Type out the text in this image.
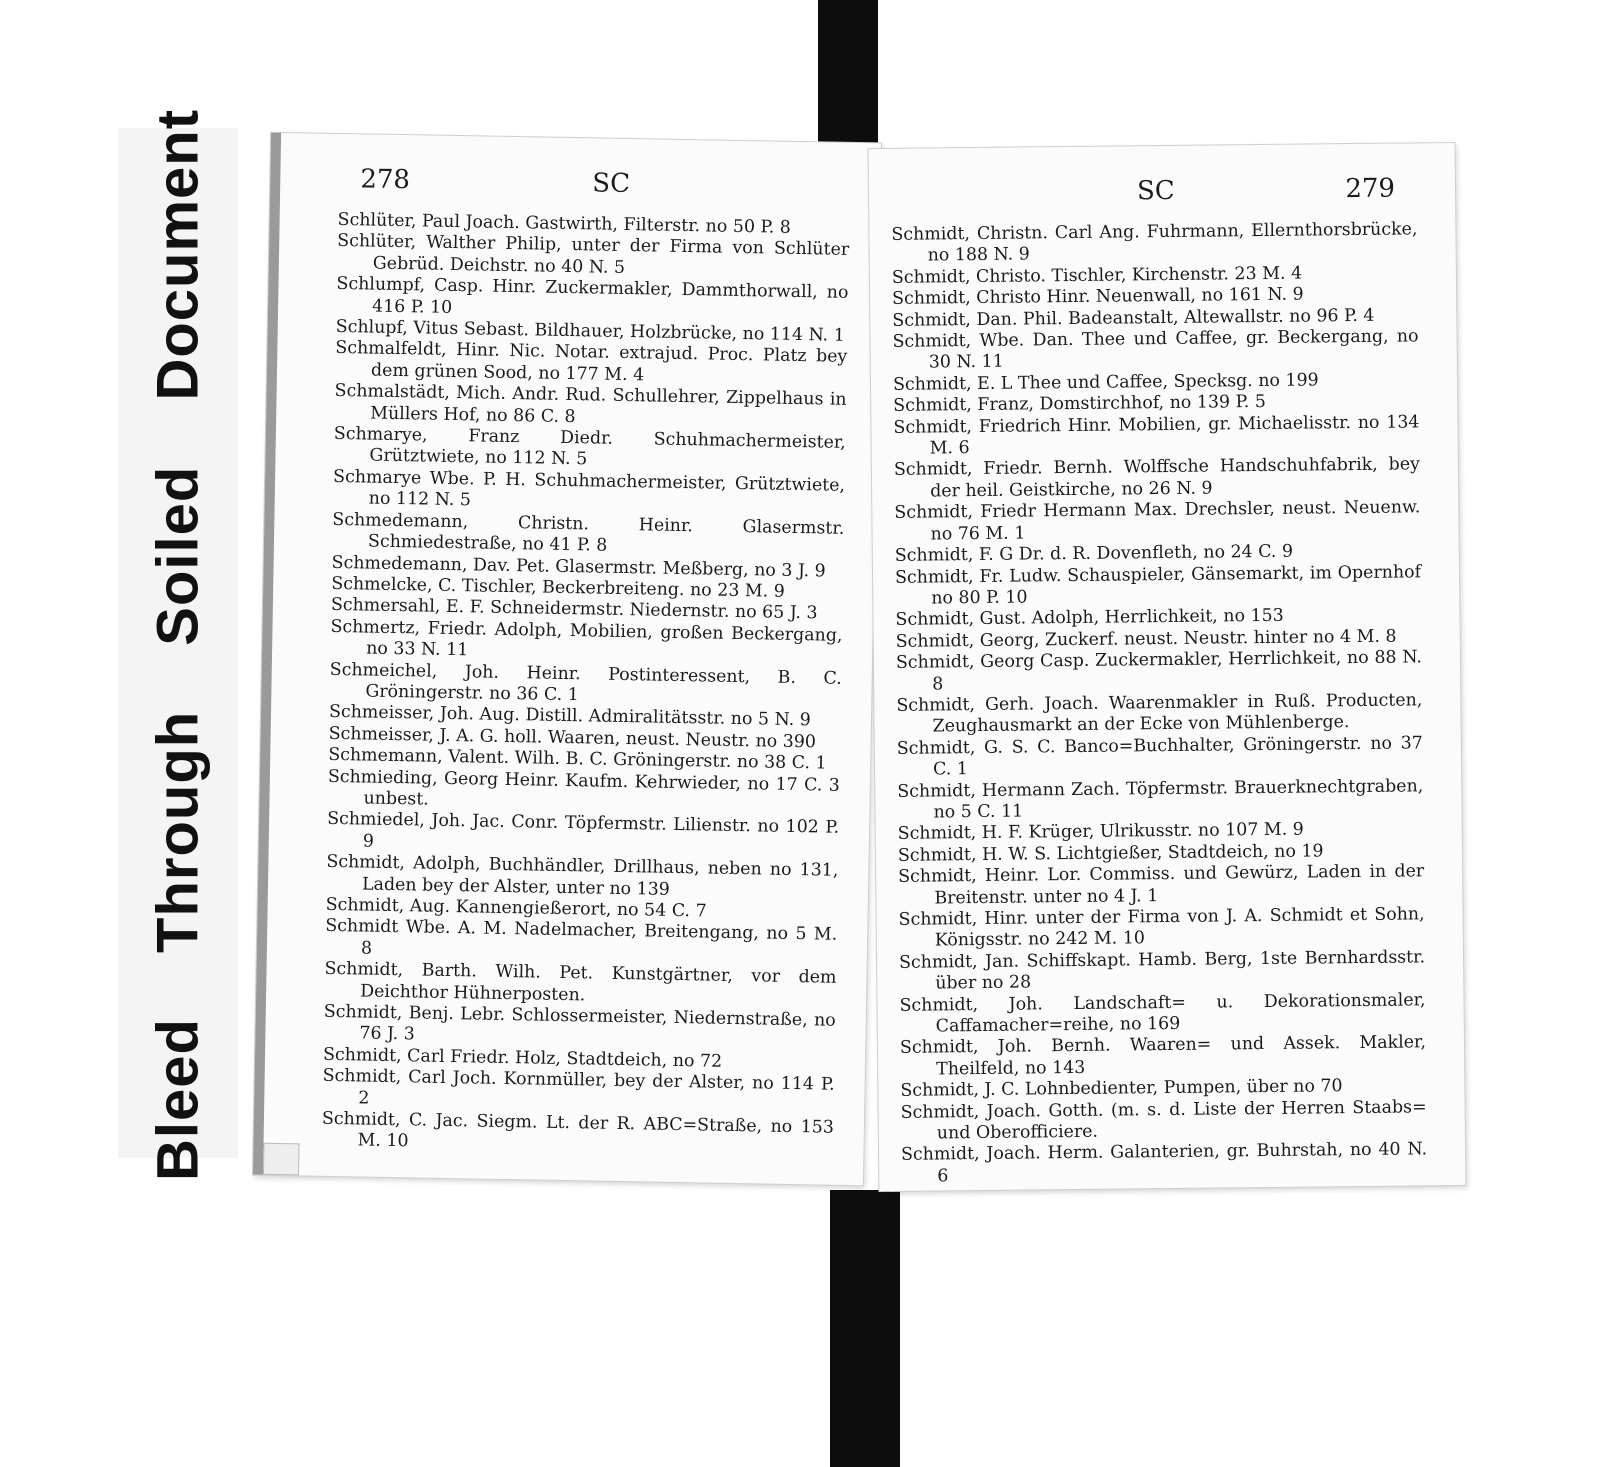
Bleed Through Soiled Document	278	SC
Schlüter, Paul Joach. Gastwirth, Filterstr. no 50 P. 8
Schlüter, Walther Philip, unter der Firma von Schlüter Gebrüd. Deichstr. no 40 N. 5
Schlumpf, Casp. Hinr. Zuckermakler, Dammthorwall, no 416 P. 10
Schlupf, Vitus Sebast. Bildhauer, Holzbrücke, no 114 N. 1
Schmalfeldt, Hinr. Nic. Notar. extrajud. Proc. Platz bey dem grünen Sood, no 177 M. 4
Schmalstädt, Mich. Andr. Rud. Schullehrer, Zippelhaus in Müllers Hof, no 86 C. 8
Schmarye, Franz Diedr. Schuhmachermeister, Grütztwiete, no 112 N. 5
Schmarye Wbe. P. H. Schuhmachermeister, Grütztwiete, no 112 N. 5
Schmedemann, Christn. Heinr. Glasermstr. Schmiedestraße, no 41 P. 8
Schmedemann, Dav. Pet. Glasermstr. Meßberg, no 3 J. 9
Schmelcke, C. Tischler, Beckerbreiteng. no 23 M. 9
Schmersahl, E. F. Schneidermstr. Niedernstr. no 65 J. 3
Schmertz, Friedr. Adolph, Mobilien, großen Beckergang, no 33 N. 11
Schmeichel, Joh. Heinr. Postinteressent, B. C. Gröningerstr. no 36 C. 1
Schmeisser, Joh. Aug. Distill. Admiralitätsstr. no 5 N. 9
Schmeisser, J. A. G. holl. Waaren, neust. Neustr. no 390
Schmemann, Valent. Wilh. B. C. Gröningerstr. no 38 C. 1
Schmieding, Georg Heinr. Kaufm. Kehrwieder, no 17 C. 3 unbest.
Schmiedel, Joh. Jac. Conr. Töpfermstr. Lilienstr. no 102 P. 9
Schmidt, Adolph, Buchhändler, Drillhaus, neben no 131, Laden bey der Alster, unter no 139
Schmidt, Aug. Kannengießerort, no 54 C. 7
Schmidt Wbe. A. M. Nadelmacher, Breitengang, no 5 M. 8
Schmidt, Barth. Wilh. Pet. Kunstgärtner, vor dem Deichthor Hühnerposten.
Schmidt, Benj. Lebr. Schlossermeister, Niedernstraße, no 76 J. 3
Schmidt, Carl Friedr. Holz, Stadtdeich, no 72
Schmidt, Carl Joch. Kornmüller, bey der Alster, no 114 P. 2
Schmidt, C. Jac. Siegm. Lt. der R. ABC=Straße, no 153 M. 10
SC	279
Schmidt, Christn. Carl Ang. Fuhrmann, Ellernthorsbrücke, no 188 N. 9
Schmidt, Christo. Tischler, Kirchenstr. 23 M. 4
Schmidt, Christo Hinr. Neuenwall, no 161 N. 9
Schmidt, Dan. Phil. Badeanstalt, Altewallstr. no 96 P. 4
Schmidt, Wbe. Dan. Thee und Caffee, gr. Beckergang, no 30 N. 11
Schmidt, E. L Thee und Caffee, Specksg. no 199
Schmidt, Franz, Domstirchhof, no 139 P. 5
Schmidt, Friedrich Hinr. Mobilien, gr. Michaelisstr. no 134 M. 6
Schmidt, Friedr. Bernh. Wolffsche Handschuhfabrik, bey der heil. Geistkirche, no 26 N. 9
Schmidt, Friedr Hermann Max. Drechsler, neust. Neuenw. no 76 M. 1
Schmidt, F. G Dr. d. R. Dovenfleth, no 24 C. 9
Schmidt, Fr. Ludw. Schauspieler, Gänsemarkt, im Opernhof no 80 P. 10
Schmidt, Gust. Adolph, Herrlichkeit, no 153
Schmidt, Georg, Zuckerf. neust. Neustr. hinter no 4 M. 8
Schmidt, Georg Casp. Zuckermakler, Herrlichkeit, no 88 N. 8
Schmidt, Gerh. Joach. Waarenmakler in Ruß. Producten, Zeughausmarkt an der Ecke von Mühlenberge.
Schmidt, G. S. C. Banco=Buchhalter, Gröningerstr. no 37 C. 1
Schmidt, Hermann Zach. Töpfermstr. Brauerknechtgraben, no 5 C. 11
Schmidt, H. F. Krüger, Ulrikusstr. no 107 M. 9
Schmidt, H. W. S. Lichtgießer, Stadtdeich, no 19
Schmidt, Heinr. Lor. Commiss. und Gewürz, Laden in der Breitenstr. unter no 4 J. 1
Schmidt, Hinr. unter der Firma von J. A. Schmidt et Sohn, Königsstr. no 242 M. 10
Schmidt, Jan. Schiffskapt. Hamb. Berg, 1ste Bernhardsstr. über no 28
Schmidt, Joh. Landschaft= u. Dekorationsmaler, Caffamacher=reihe, no 169
Schmidt, Joh. Bernh. Waaren= und Assek. Makler, Theilfeld, no 143
Schmidt, J. C. Lohnbedienter, Pumpen, über no 70
Schmidt, Joach. Gotth. (m. s. d. Liste der Herren Staabs= und Oberofficiere.
Schmidt, Joach. Herm. Galanterien, gr. Buhrstah, no 40 N. 6
